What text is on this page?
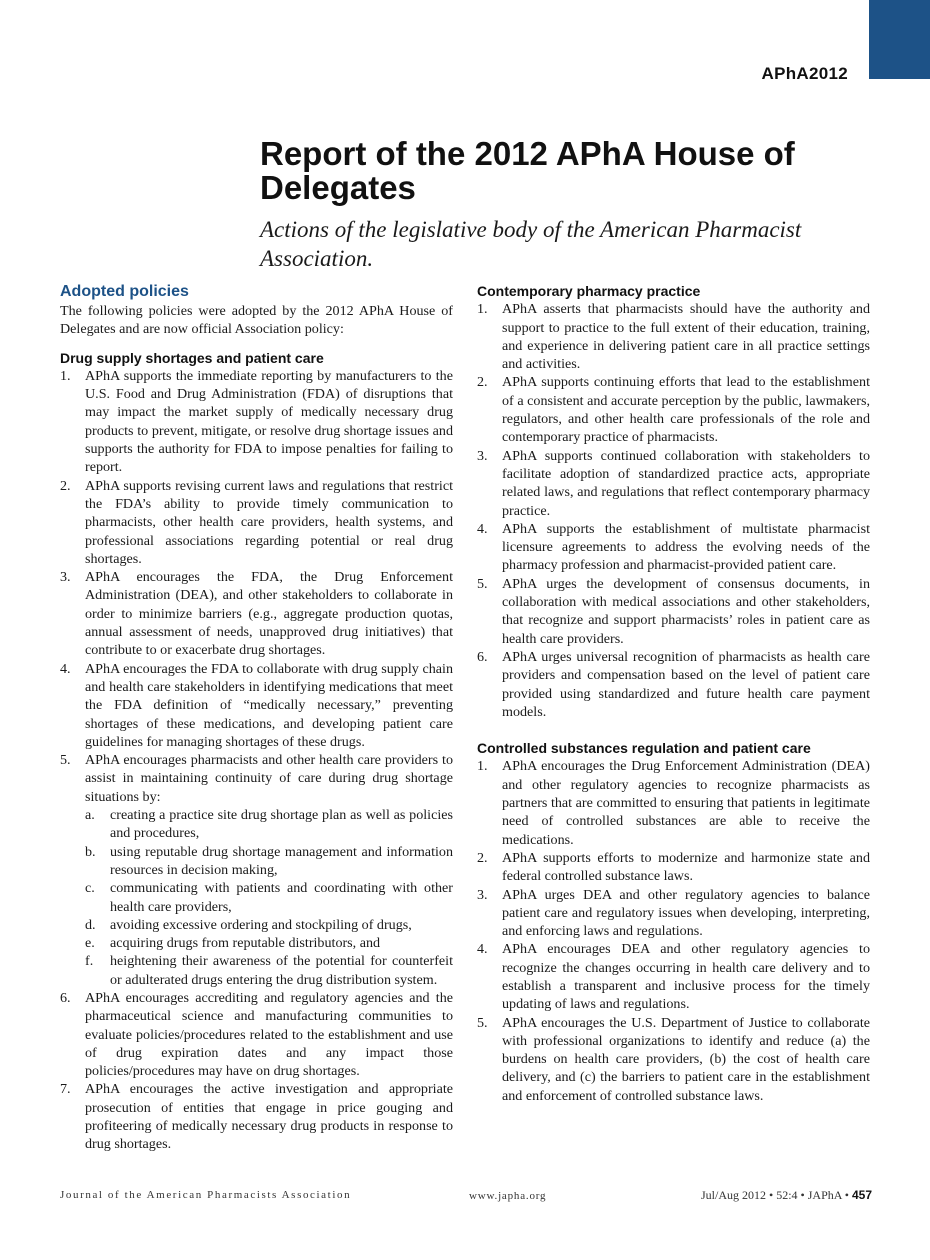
APhA2012
Report of the 2012 APhA House of Delegates

Actions of the legislative body of the American Pharmacist Association.

Adopted policies

The following policies were adopted by the 2012 APhA House of Delegates and are now official Association policy:

Drug supply shortages and patient care
1. APhA supports the immediate reporting by manufacturers to the U.S. Food and Drug Administration (FDA) of disruptions that may impact the market supply of medically necessary drug products to prevent, mitigate, or resolve drug shortage issues and supports the authority for FDA to impose penalties for failing to report.
2. APhA supports revising current laws and regulations that restrict the FDA’s ability to provide timely communication to pharmacists, other health care providers, health systems, and professional associations regarding potential or real drug shortages.
3. APhA encourages the FDA, the Drug Enforcement Administration (DEA), and other stakeholders to collaborate in order to minimize barriers (e.g., aggregate production quotas, annual assessment of needs, unapproved drug initiatives) that contribute to or exacerbate drug shortages.
4. APhA encourages the FDA to collaborate with drug supply chain and health care stakeholders in identifying medications that meet the FDA definition of “medically necessary,” preventing shortages of these medications, and developing patient care guidelines for managing shortages of these drugs.
5. APhA encourages pharmacists and other health care providers to assist in maintaining continuity of care during drug shortage situations by:
a. creating a practice site drug shortage plan as well as policies and procedures,
b. using reputable drug shortage management and information resources in decision making,
c. communicating with patients and coordinating with other health care providers,
d. avoiding excessive ordering and stockpiling of drugs,
e. acquiring drugs from reputable distributors, and
f. heightening their awareness of the potential for counterfeit or adulterated drugs entering the drug distribution system.
6. APhA encourages accrediting and regulatory agencies and the pharmaceutical science and manufacturing communities to evaluate policies/procedures related to the establishment and use of drug expiration dates and any impact those policies/procedures may have on drug shortages.
7. APhA encourages the active investigation and appropriate prosecution of entities that engage in price gouging and profiteering of medically necessary drug products in response to drug shortages.
Contemporary pharmacy practice
1. APhA asserts that pharmacists should have the authority and support to practice to the full extent of their education, training, and experience in delivering patient care in all practice settings and activities.
2. APhA supports continuing efforts that lead to the establishment of a consistent and accurate perception by the public, lawmakers, regulators, and other health care professionals of the role and contemporary practice of pharmacists.
3. APhA supports continued collaboration with stakeholders to facilitate adoption of standardized practice acts, appropriate related laws, and regulations that reflect contemporary pharmacy practice.
4. APhA supports the establishment of multistate pharmacist licensure agreements to address the evolving needs of the pharmacy profession and pharmacist-provided patient care.
5. APhA urges the development of consensus documents, in collaboration with medical associations and other stakeholders, that recognize and support pharmacists’ roles in patient care as health care providers.
6. APhA urges universal recognition of pharmacists as health care providers and compensation based on the level of patient care provided using standardized and future health care payment models.
Controlled substances regulation and patient care
1. APhA encourages the Drug Enforcement Administration (DEA) and other regulatory agencies to recognize pharmacists as partners that are committed to ensuring that patients in legitimate need of controlled substances are able to receive the medications.
2. APhA supports efforts to modernize and harmonize state and federal controlled substance laws.
3. APhA urges DEA and other regulatory agencies to balance patient care and regulatory issues when developing, interpreting, and enforcing laws and regulations.
4. APhA encourages DEA and other regulatory agencies to recognize the changes occurring in health care delivery and to establish a transparent and inclusive process for the timely updating of laws and regulations.
5. APhA encourages the U.S. Department of Justice to collaborate with professional organizations to identify and reduce (a) the burdens on health care providers, (b) the cost of health care delivery, and (c) the barriers to patient care in the establishment and enforcement of controlled substance laws.
Journal of the American Pharmacists Association	www.japha.org	Jul/Aug 2012 • 52:4 • JAPhA • 457
